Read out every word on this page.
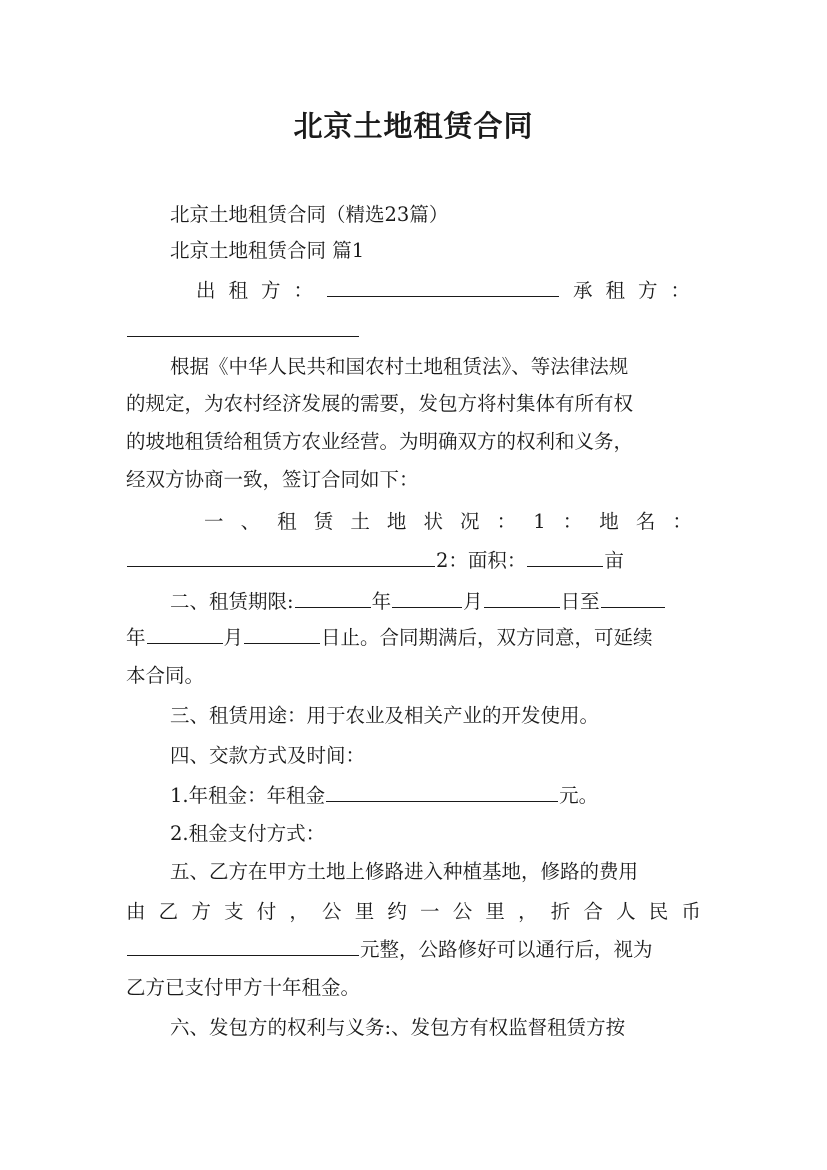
北京土地租赁合同
北京土地租赁合同（精选23篇）
北京土地租赁合同 篇1
出 租 方 ：	承 租 方 ：
根据《中华人民共和国农村土地租赁法》、等法律法规
的规定，为农村经济发展的需要，发包方将村集体有所有权
的坡地租赁给租赁方农业经营。为明确双方的权利和义务，
经双方协商一致，签订合同如下：
一 、 租 赁 土 地 状 况 ： 1 ： 地 名 ：
2：面积：	亩
二、租赁期限:	年	月	日至
年	月	日止。合同期满后，双方同意，可延续
本合同。
三、租赁用途：用于农业及相关产业的开发使用。
四、交款方式及时间：
1.年租金：年租金	元。
2.租金支付方式：
五、乙方在甲方土地上修路进入种植基地，修路的费用
由 乙 方 支 付 ， 公 里 约 一 公 里 ， 折 合 人 民 币
元整，公路修好可以通行后，视为
乙方已支付甲方十年租金。
六、发包方的权利与义务:、发包方有权监督租赁方按
